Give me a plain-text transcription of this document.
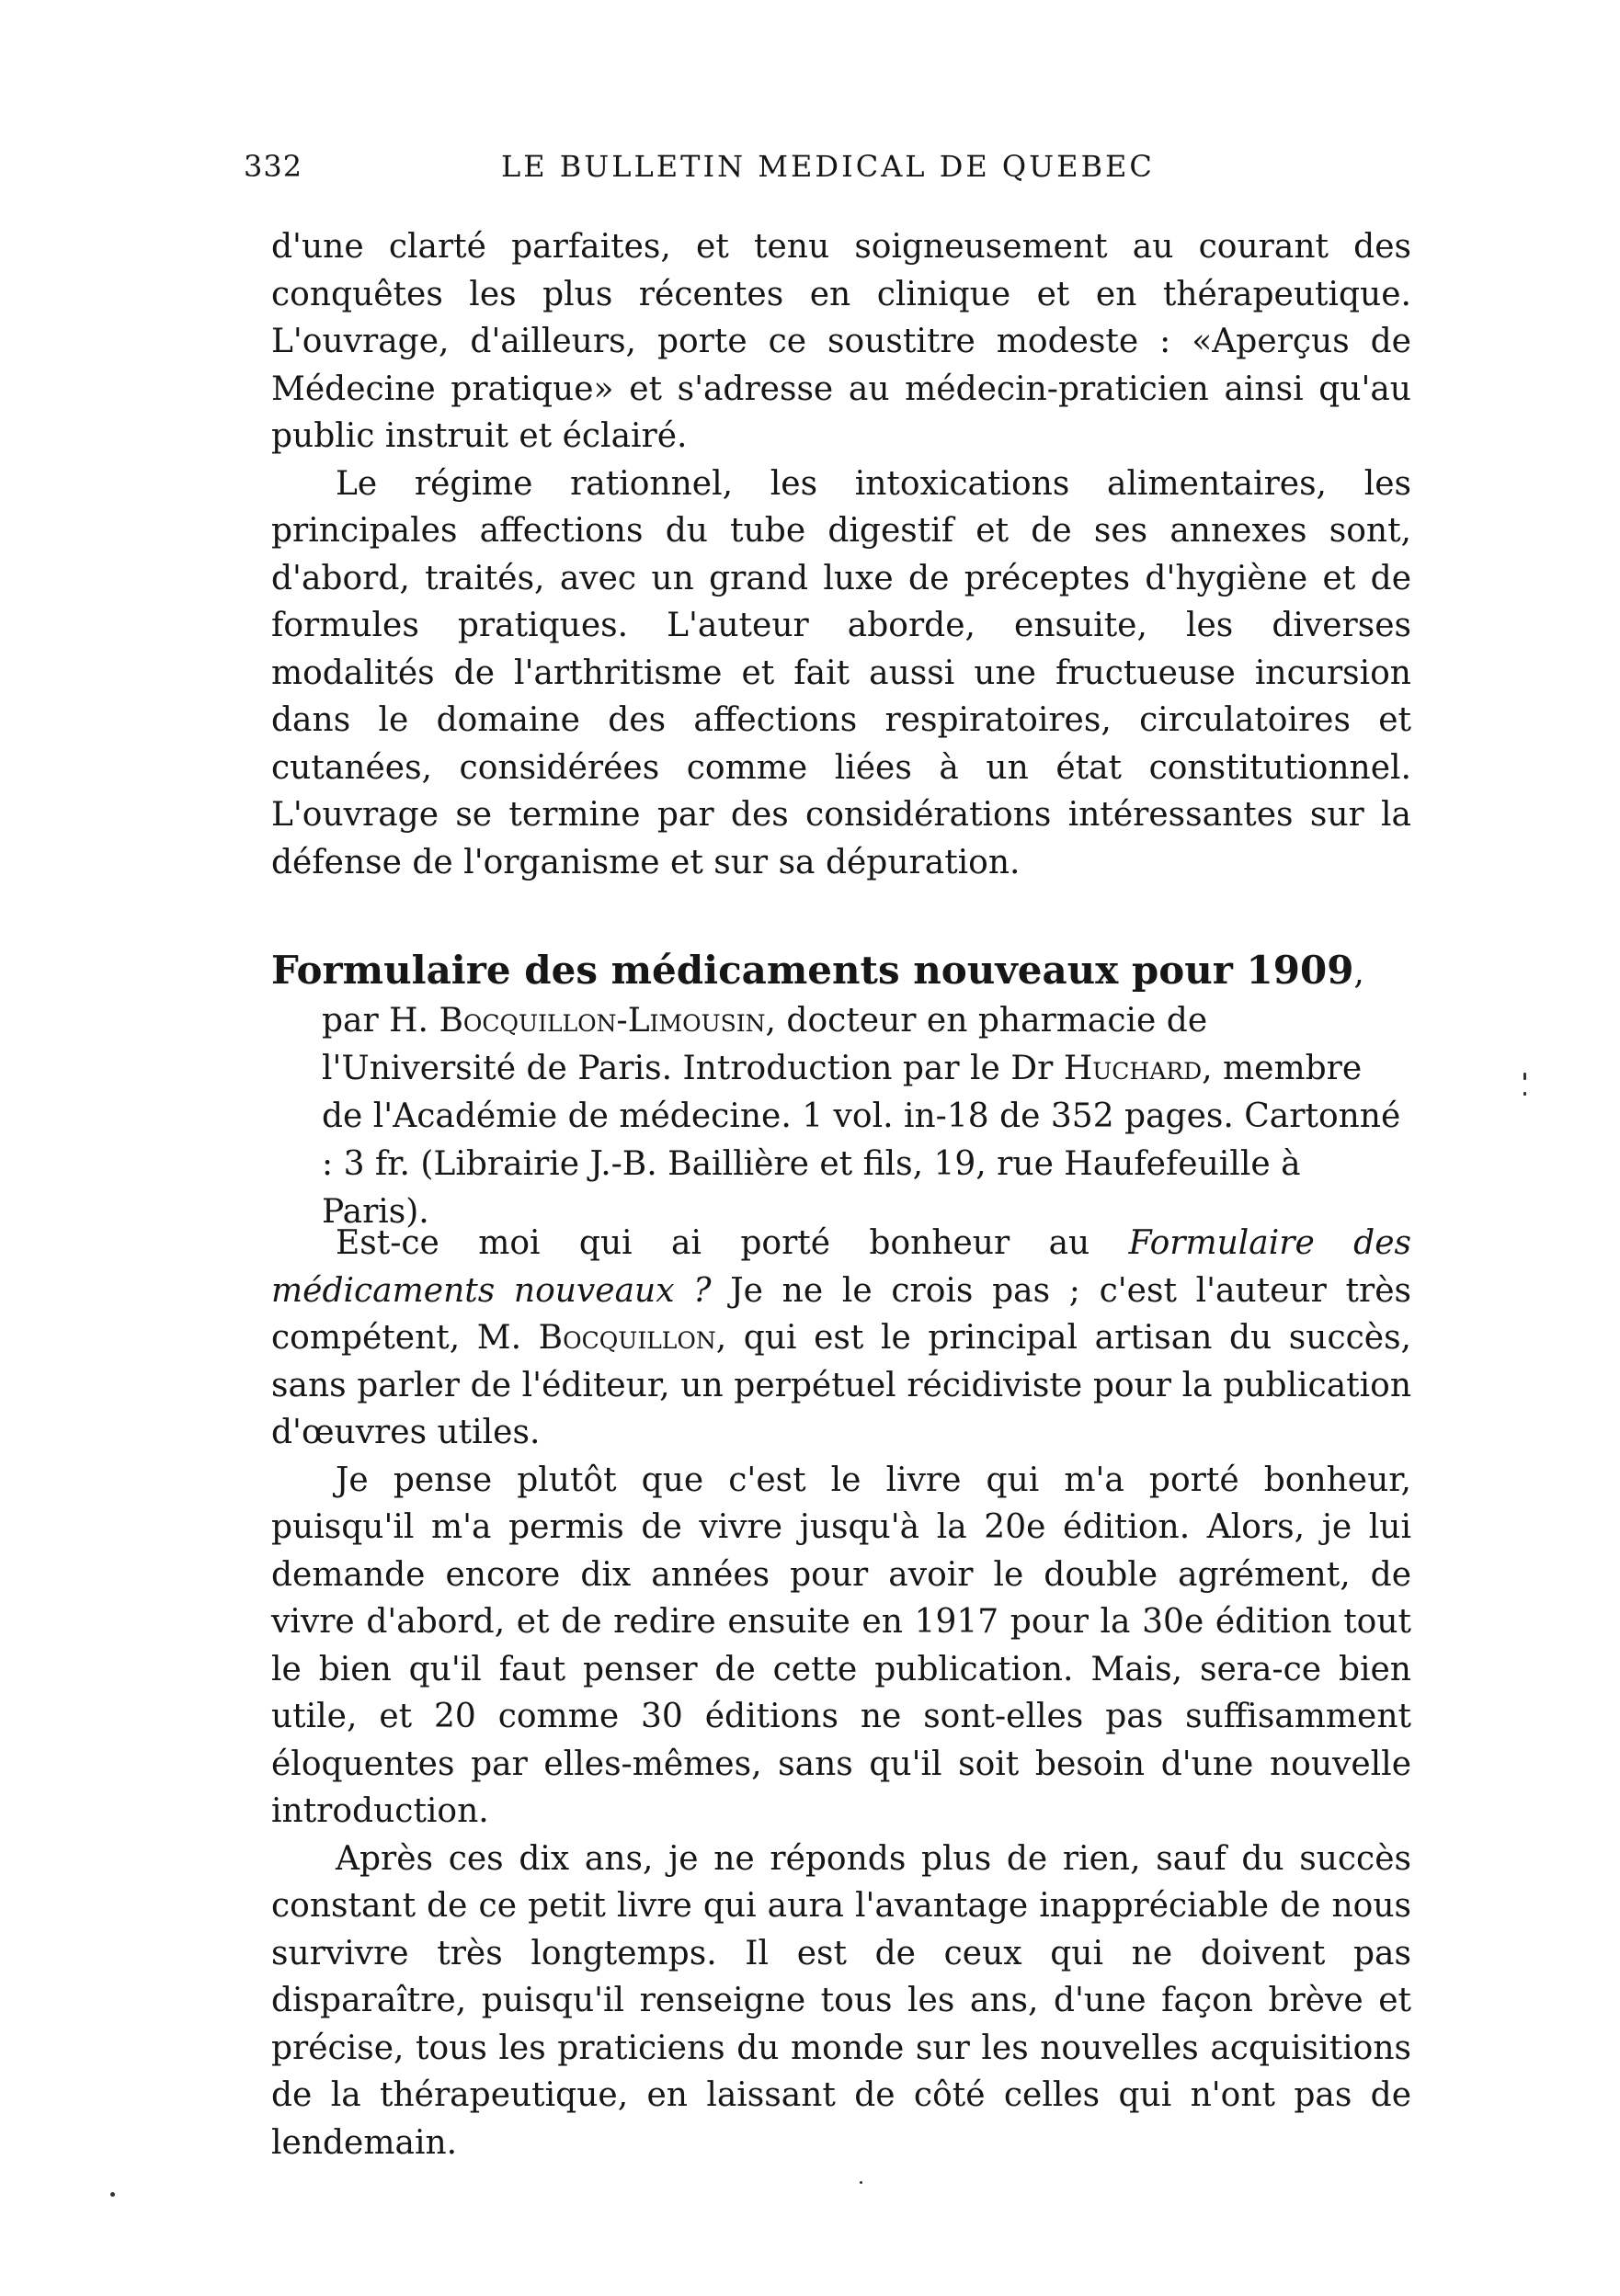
332	LE BULLETIN MEDICAL DE QUEBEC

d'une clarté parfaites, et tenu soigneusement au courant des conquêtes les plus récentes en clinique et en thérapeutique. L'ouvrage, d'ailleurs, porte ce soustitre modeste : «Aperçus de Médecine pratique» et s'adresse au médecin-praticien ainsi qu'au public instruit et éclairé.

Le régime rationnel, les intoxications alimentaires, les principales affections du tube digestif et de ses annexes sont, d'abord, traités, avec un grand luxe de préceptes d'hygiène et de formules pratiques. L'auteur aborde, ensuite, les diverses modalités de l'arthritisme et fait aussi une fructueuse incursion dans le domaine des affections respiratoires, circulatoires et cutanées, considérées comme liées à un état constitutionnel. L'ouvrage se termine par des considérations intéressantes sur la défense de l'organisme et sur sa dépuration.

Formulaire des médicaments nouveaux pour 1909, par H. Bocquillon-Limousin, docteur en pharmacie de l'Université de Paris. Introduction par le Dr Huchard, membre de l'Académie de médecine. 1 vol. in-18 de 352 pages. Cartonné : 3 fr. (Librairie J.-B. Baillière et fils, 19, rue Haufefeuille à Paris).

Est-ce moi qui ai porté bonheur au Formulaire des médicaments nouveaux ? Je ne le crois pas ; c'est l'auteur très compétent, M. Bocquillon, qui est le principal artisan du succès, sans parler de l'éditeur, un perpétuel récidiviste pour la publication d'œuvres utiles.

Je pense plutôt que c'est le livre qui m'a porté bonheur, puisqu'il m'a permis de vivre jusqu'à la 20e édition. Alors, je lui demande encore dix années pour avoir le double agrément, de vivre d'abord, et de redire ensuite en 1917 pour la 30e édition tout le bien qu'il faut penser de cette publication. Mais, sera-ce bien utile, et 20 comme 30 éditions ne sont-elles pas suffisamment éloquentes par elles-mêmes, sans qu'il soit besoin d'une nouvelle introduction.

Après ces dix ans, je ne réponds plus de rien, sauf du succès constant de ce petit livre qui aura l'avantage inappréciable de nous survivre très longtemps. Il est de ceux qui ne doivent pas disparaître, puisqu'il renseigne tous les ans, d'une façon brève et précise, tous les praticiens du monde sur les nouvelles acquisitions de la thérapeutique, en laissant de côté celles qui n'ont pas de lendemain.
